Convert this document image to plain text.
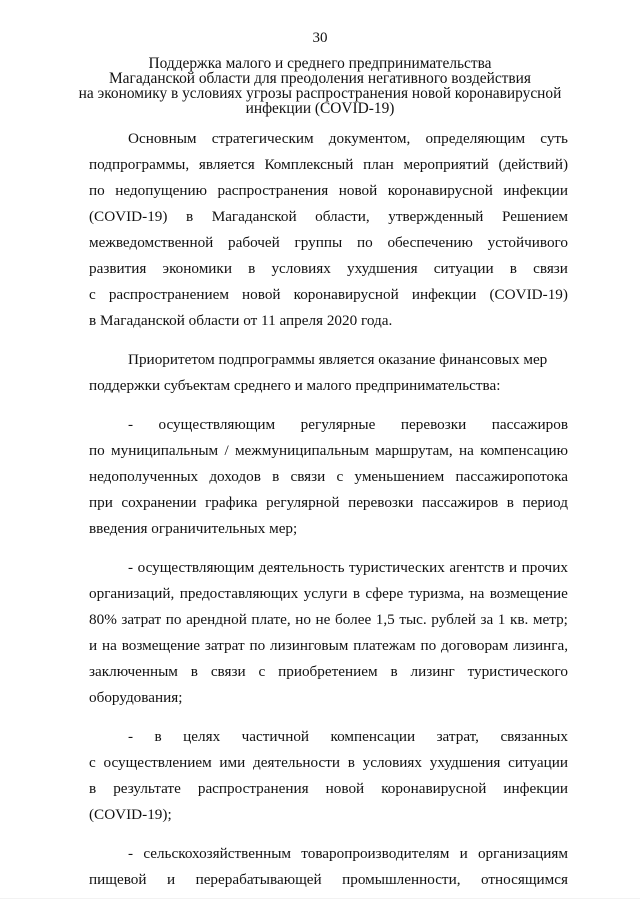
30
Поддержка малого и среднего предпринимательства
Магаданской области для преодоления негативного воздействия
на экономику в условиях угрозы распространения новой коронавирусной
инфекции (COVID-19)
Основным стратегическим документом, определяющим суть
подпрограммы, является Комплексный план мероприятий (действий)
по недопущению распространения новой коронавирусной инфекции
(COVID-19) в Магаданской области, утвержденный Решением
межведомственной рабочей группы по обеспечению устойчивого
развития экономики в условиях ухудшения ситуации в связи
с распространением новой коронавирусной инфекции (COVID-19)
в Магаданской области от 11 апреля 2020 года.
Приоритетом подпрограммы является оказание финансовых мер
поддержки субъектам среднего и малого предпринимательства:
- осуществляющим регулярные перевозки пассажиров
по муниципальным / межмуниципальным маршрутам, на компенсацию
недополученных доходов в связи с уменьшением пассажиропотока
при сохранении графика регулярной перевозки пассажиров в период
введения ограничительных мер;
- осуществляющим деятельность туристических агентств и прочих
организаций, предоставляющих услуги в сфере туризма, на возмещение
80% затрат по арендной плате, но не более 1,5 тыс. рублей за 1 кв. метр;
и на возмещение затрат по лизинговым платежам по договорам лизинга,
заключенным в связи с приобретением в лизинг туристического
оборудования;
- в целях частичной компенсации затрат, связанных
с осуществлением ими деятельности в условиях ухудшения ситуации
в результате распространения новой коронавирусной инфекции
(COVID-19);
- сельскохозяйственным товаропроизводителям и организациям
пищевой и перерабатывающей промышленности, относящимся
